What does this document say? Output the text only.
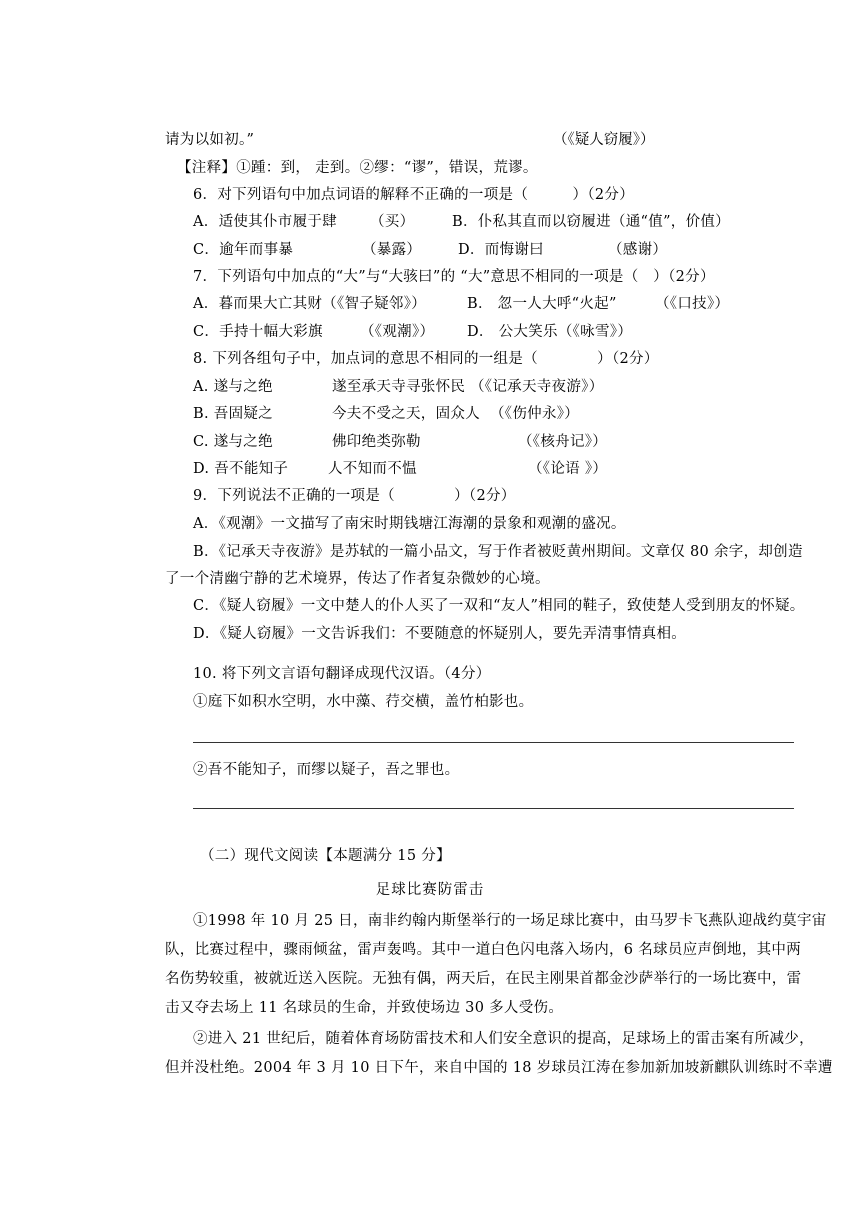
请为以如初。”	（《疑人窃履》）
【注释】①踵：到， 走到。②缪：“谬”，错误，荒谬。
6．对下列语句中加点词语的解释不正确的一项是（　　　）（2分）
A．适使其仆市履于肆 （买）	B．仆私其直而以窃履进（通“值”，价值）
C．逾年而事暴	（暴露）	D．而悔谢曰	（感谢）
7．下列语句中加点的“大”与“大骇曰”的 “大”意思不相同的一项是（　）（2分）
A．暮而果大亡其财（《智子疑邻》）	B． 忽一人大呼“火起”	（《口技》）
C．手持十幅大彩旗	（《观潮》） D． 公大笑乐（《咏雪》）
8. 下列各组句子中，加点词的意思不相同的一组是（　　　　）（2分）
A. 遂与之绝	遂至承天寺寻张怀民 （《记承天寺夜游》）
B. 吾固疑之	今夫不受之天，固众人 （《伤仲永》）
C. 遂与之绝	佛印绝类弥勒	（《核舟记》）
D. 吾不能知子	人不知而不愠	（《论语 》）
9．下列说法不正确的一项是（　　　　）（2分）
A．《观潮》一文描写了南宋时期钱塘江海潮的景象和观潮的盛况。
B．《记承天寺夜游》是苏轼的一篇小品文，写于作者被贬黄州期间。文章仅 80 余字，却创造
了一个清幽宁静的艺术境界，传达了作者复杂微妙的心境。
C．《疑人窃履》一文中楚人的仆人买了一双和“友人”相同的鞋子，致使楚人受到朋友的怀疑。
D．《疑人窃履》一文告诉我们：不要随意的怀疑别人，要先弄清事情真相。
10. 将下列文言语句翻译成现代汉语。（4分）
①庭下如积水空明，水中藻、荇交横，盖竹柏影也。
②吾不能知子，而缪以疑子，吾之罪也。
（二）现代文阅读【本题满分 15 分】
足球比赛防雷击
①1998 年 10 月 25 日，南非约翰内斯堡举行的一场足球比赛中，由马罗卡飞燕队迎战约莫宇宙
队，比赛过程中，骤雨倾盆，雷声轰鸣。其中一道白色闪电落入场内，6 名球员应声倒地，其中两
名伤势较重，被就近送入医院。无独有偶，两天后，在民主刚果首都金沙萨举行的一场比赛中，雷
击又夺去场上 11 名球员的生命，并致使场边 30 多人受伤。
②进入 21 世纪后，随着体育场防雷技术和人们安全意识的提高，足球场上的雷击案有所减少，
但并没杜绝。2004 年 3 月 10 日下午，来自中国的 18 岁球员江涛在参加新加坡新麒队训练时不幸遭
